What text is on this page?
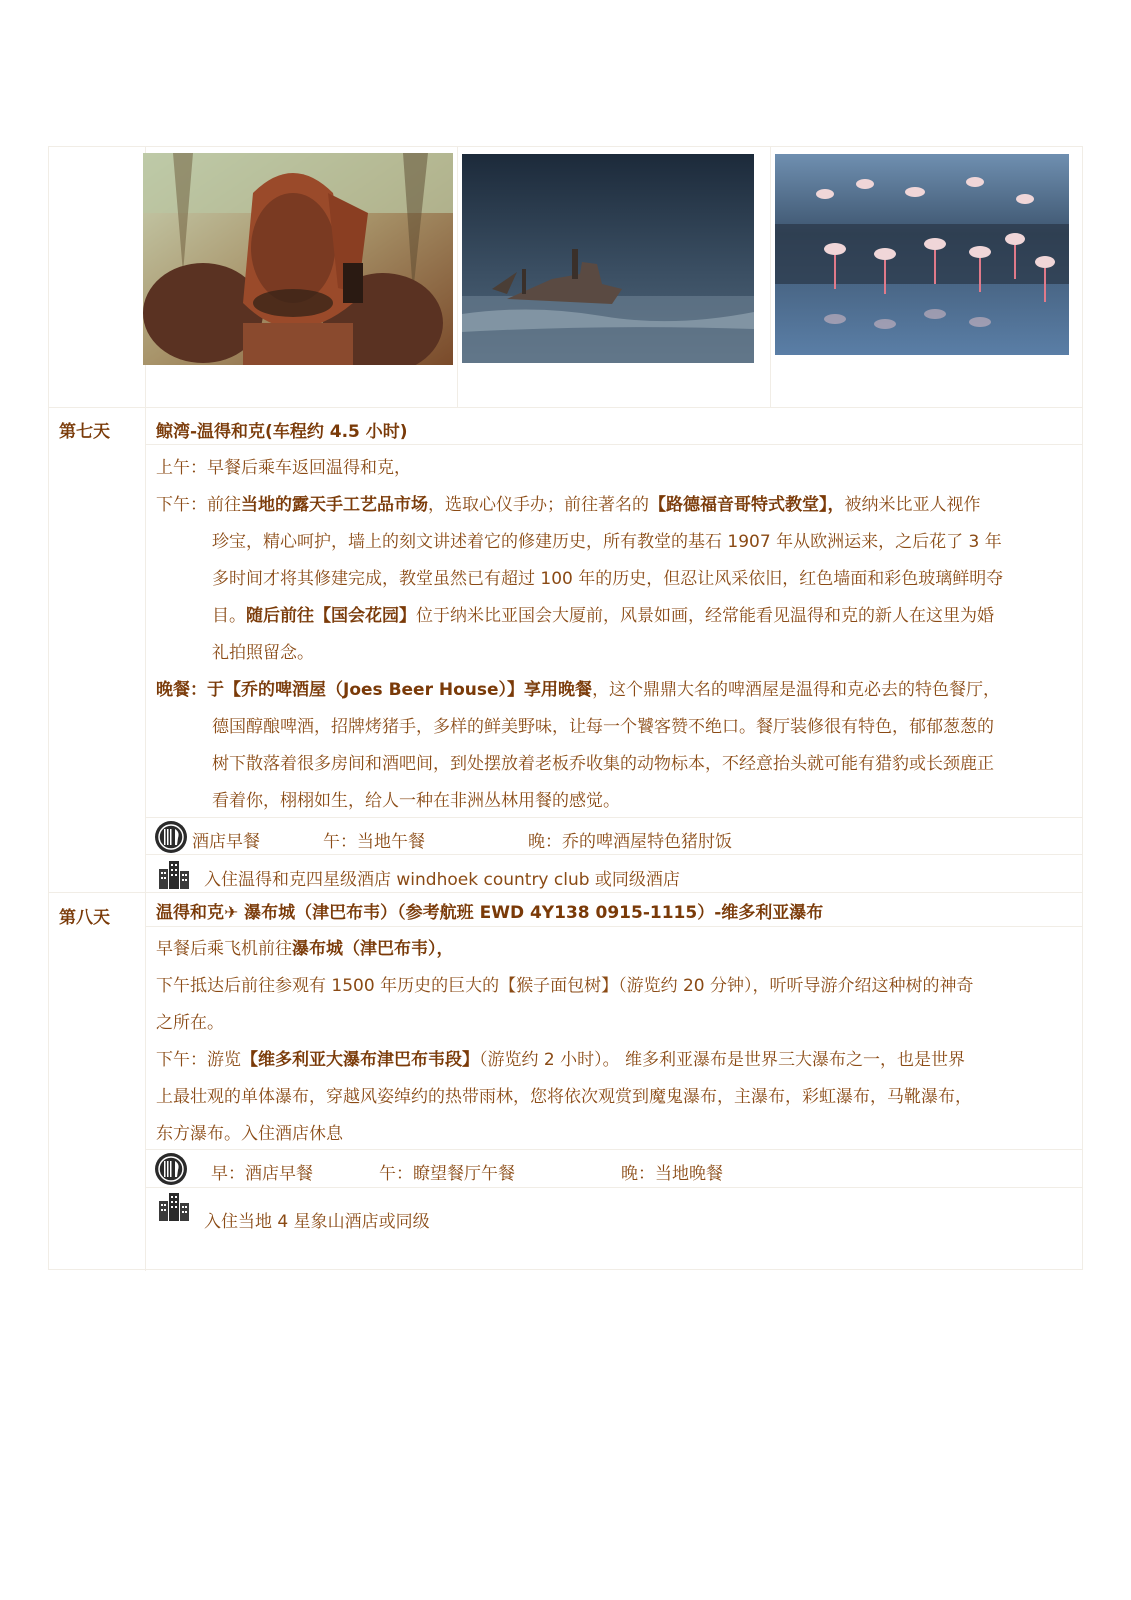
第七天	鲸湾-温得和克(车程约 4.5 小时)
上午：早餐后乘车返回温得和克，
下午：前往当地的露天手工艺品市场，选取心仪手办；前往著名的【路德福音哥特式教堂】，被纳米比亚人视作
珍宝，精心呵护，墙上的刻文讲述着它的修建历史，所有教堂的基石 1907 年从欧洲运来，之后花了 3 年
多时间才将其修建完成，教堂虽然已有超过 100 年的历史，但忍让风采依旧，红色墙面和彩色玻璃鲜明夺
目。随后前往【国会花园】位于纳米比亚国会大厦前，风景如画，经常能看见温得和克的新人在这里为婚
礼拍照留念。
晚餐：于【乔的啤酒屋（Joes Beer House）】享用晚餐，这个鼎鼎大名的啤酒屋是温得和克必去的特色餐厅，
德国醇酿啤酒，招牌烤猪手，多样的鲜美野味，让每一个饕客赞不绝口。餐厅装修很有特色，郁郁葱葱的
树下散落着很多房间和酒吧间，到处摆放着老板乔收集的动物标本，不经意抬头就可能有猎豹或长颈鹿正
看着你，栩栩如生，给人一种在非洲丛林用餐的感觉。
酒店早餐	午：当地午餐	晚：乔的啤酒屋特色猪肘饭
入住温得和克四星级酒店 windhoek country club 或同级酒店
第八天	温得和克✈ 瀑布城（津巴布韦）（参考航班 EWD 4Y138 0915-1115）-维多利亚瀑布
早餐后乘飞机前往瀑布城（津巴布韦），
下午抵达后前往参观有 1500 年历史的巨大的【猴子面包树】（游览约 20 分钟），听听导游介绍这种树的神奇
之所在。
下午：游览【维多利亚大瀑布津巴布韦段】（游览约 2 小时）。 维多利亚瀑布是世界三大瀑布之一，也是世界
上最壮观的单体瀑布，穿越风姿绰约的热带雨林，您将依次观赏到魔鬼瀑布，主瀑布，彩虹瀑布，马靴瀑布，
东方瀑布。入住酒店休息
早：酒店早餐	午：瞭望餐厅午餐	晚：当地晚餐
入住当地 4 星象山酒店或同级
